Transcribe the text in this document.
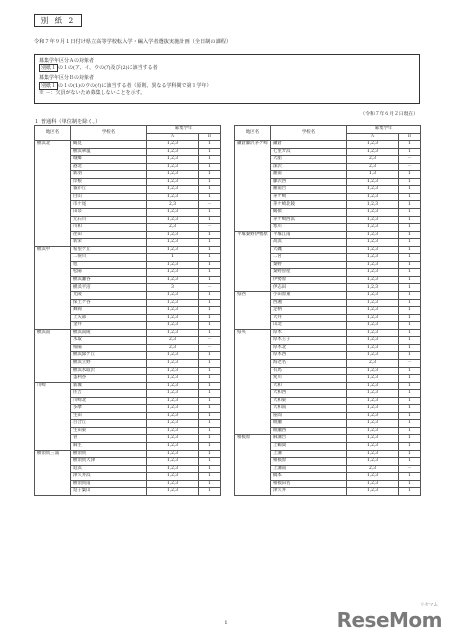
別 紙 2
令和７年９月１日付け県立高等学校転入学・編入学者選抜実施計画（全日制の課程）
募集学年区分Ａの対象者
別紙１ の１の(ア、イ、ウの(ｱ)及び(2)に該当する者
募集学年区分Ｂの対象者
別紙１ の１の(1)のウの(ｲ)に該当する者（原則、異なる学科間で第１学年）
※ －：欠員がないため募集しないことを示す。
（令和７年６月２日現在）
１ 普通科（単位制を除く。）
地区名	学校名	募集学年	
		Ａ	Ｂ
横浜北	鶴見	1,2,3	1
	横浜翠嵐	1,2,3	1
	城郷	1,2,3	1
	港北	1,2,3	1
	新羽	1,2,3	1
	岸根	1,2,3	1
	霧が丘	1,2,3	1
	白山	1,2,3	1
	市ケ尾	2,3	－
	田奈	1,2,3	1
	元石川	1,2,3	1
	川和	2,3	－
	荏田	1,2,3	1
	新栄	1,2,3	1
横浜中	希望ケ丘	1,2,3	1
	二俣川	1	1
	旭	1,2,3	1
	松陽	1,2,3	1
	横浜瀬谷	1,2,3	1
	横浜平沼	3	－
	光陵	1,2,3	1
	保土ケ谷	1,2,3	1
	舞岡	1,2,3	1
	上矢部	1,2,3	1
	金井	1,2,3	1
横浜南	横浜南陵	1,2,3	1
	氷取	2,3	－
	柏陽	2,3	－
	横浜緑ケ丘	1,2,3	1
	横浜立野	1,2,3	1
	横浜氷取沢	1,2,3	1
	釜利谷	1,2,3	1
川崎	新城	1,2,3	1
	住吉	1,2,3	1
	川崎北	1,2,3	1
	多摩	1,2,3	1
	生田	1,2,3	1
	百合丘	1,2,3	1
	生田東	1,2,3	1
	菅	1,2,3	1
	麻生	1,2,3	1
横須賀三浦	横須賀	1,2,3	1
	横須賀大津	1,2,3	1
	追浜	1,2,3	1
	津久井浜	1,2,3	1
	横須賀南	1,2,3	1
	逗子葉山	1,2,3	1
地区名	学校名	募集学年	
		Ａ	Ｂ
鎌倉藤沢茅ケ崎	鎌倉	1,2,3	1
	七里ガ浜	1,2,3	1
	大船	2,3	－
	深沢	2,3	－
	湘南	1,3	1
	藤沢西	1,2,3	1
	湘南台	1,2,3	1
	茅ケ崎	1,2,3	1
	茅ケ崎北陵	1,2,3	1
	鶴嶺	1,2,3	1
	茅ケ崎西浜	1,2,3	1
	寒川	1,2,3	1
平塚秦野伊勢原	平塚江南	1,2,3	1
	高浜	1,2,3	1
	大磯	1,2,3	1
	二宮	1,2,3	1
	秦野	1,2,3	1
	秦野曽屋	1,2,3	1
	伊勢原	1,2,3	1
	伊志田	1,2,3	1
県西	小田原東	1,2,3	1
	西湘	1,2,3	1
	足柄	1,2,3	1
	大井	1,2,3	1
	山北	1,2,3	1
県央	厚木	1,2,3	1
	厚木王子	1,2,3	1
	厚木北	1,2,3	1
	厚木西	1,2,3	1
	海老名	2,3	－
	有馬	1,2,3	1
	愛川	1,2,3	1
	大和	1,2,3	1
	大和西	1,2,3	1
	大和東	1,2,3	1
	大和南	1,2,3	1
	座間	1,2,3	1
	綾瀬	1,2,3	1
	綾瀬西	1,2,3	1
相模原	麻溝台	1,2,3	1
	上鶴間	1,2,3	1
	上溝	1,2,3	1
	相模原	1,2,3	1
	上溝南	2,3	－
	橋本	1,2,3	1
	相模田名	1,2,3	1
	津久井	1,2,3	1
1
リセマム
ReseMom
